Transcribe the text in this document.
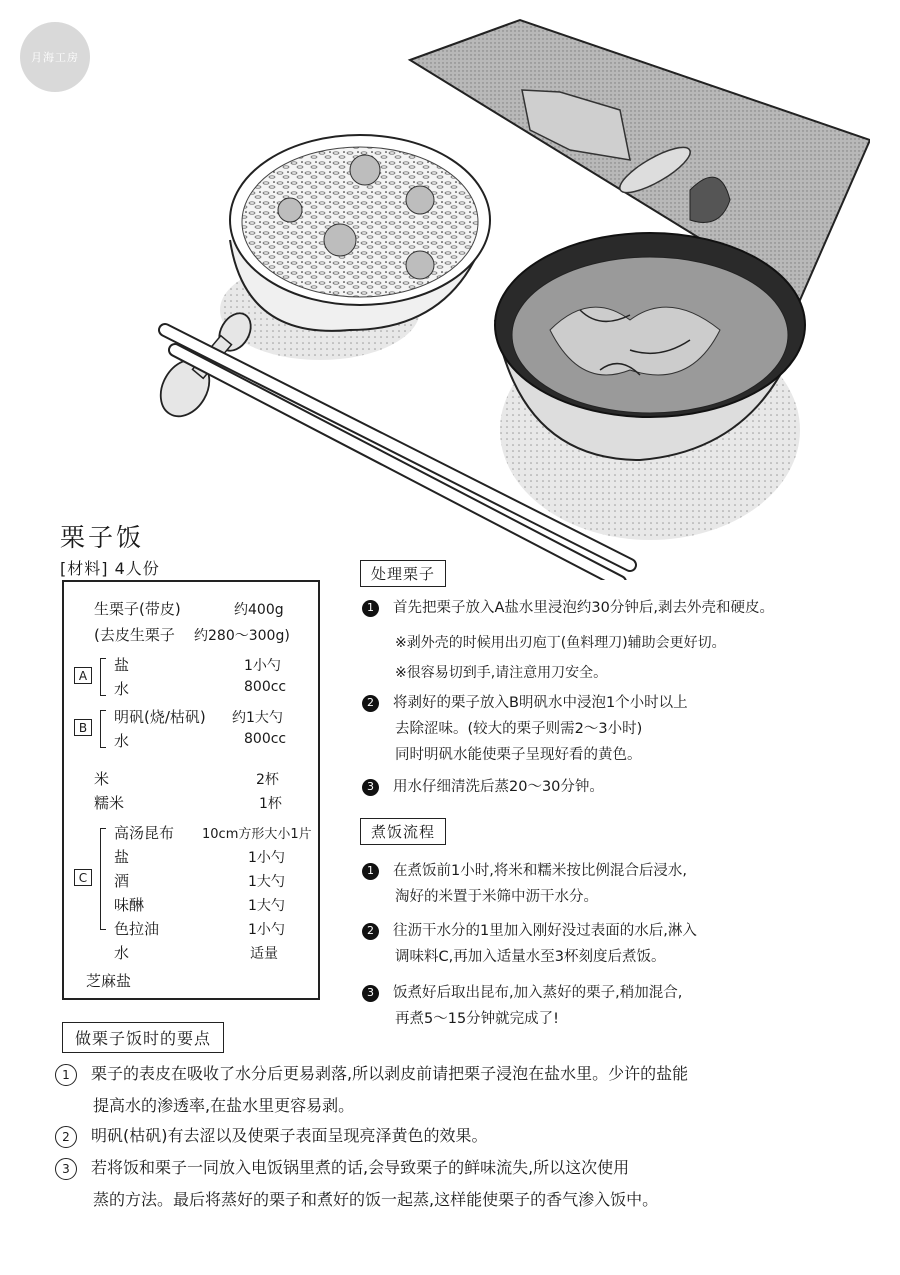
月海工房
栗子饭
[材料] 4人份
生栗子(带皮)	约400g
(去皮生栗子 约280～300g)
A
盐	1小勺
水	800cc
B
明矾(烧/枯矾) 约1大勺
水	800cc
米	2杯
糯米	1杯
C
高汤昆布 10cm方形大小1片
盐	1小勺
酒	1大勺
味醂	1大勺
色拉油	1小勺
水	适量
芝麻盐
处理栗子
1 首先把栗子放入A盐水里浸泡约30分钟后,剥去外壳和硬皮。
※剥外壳的时候用出刃庖丁(鱼料理刀)辅助会更好切。
※很容易切到手,请注意用刀安全。
2 将剥好的栗子放入B明矾水中浸泡1个小时以上
去除涩味。(较大的栗子则需2～3小时)
同时明矾水能使栗子呈现好看的黄色。
3 用水仔细清洗后蒸20～30分钟。
煮饭流程
1 在煮饭前1小时,将米和糯米按比例混合后浸水,
淘好的米置于米筛中沥干水分。
2 往沥干水分的1里加入刚好没过表面的水后,淋入
调味料C,再加入适量水至3杯刻度后煮饭。
3 饭煮好后取出昆布,加入蒸好的栗子,稍加混合,
再煮5～15分钟就完成了!
做栗子饭时的要点
1 栗子的表皮在吸收了水分后更易剥落,所以剥皮前请把栗子浸泡在盐水里。少许的盐能
提高水的渗透率,在盐水里更容易剥。
2 明矾(枯矾)有去涩以及使栗子表面呈现亮泽黄色的效果。
3 若将饭和栗子一同放入电饭锅里煮的话,会导致栗子的鲜味流失,所以这次使用
蒸的方法。最后将蒸好的栗子和煮好的饭一起蒸,这样能使栗子的香气渗入饭中。
